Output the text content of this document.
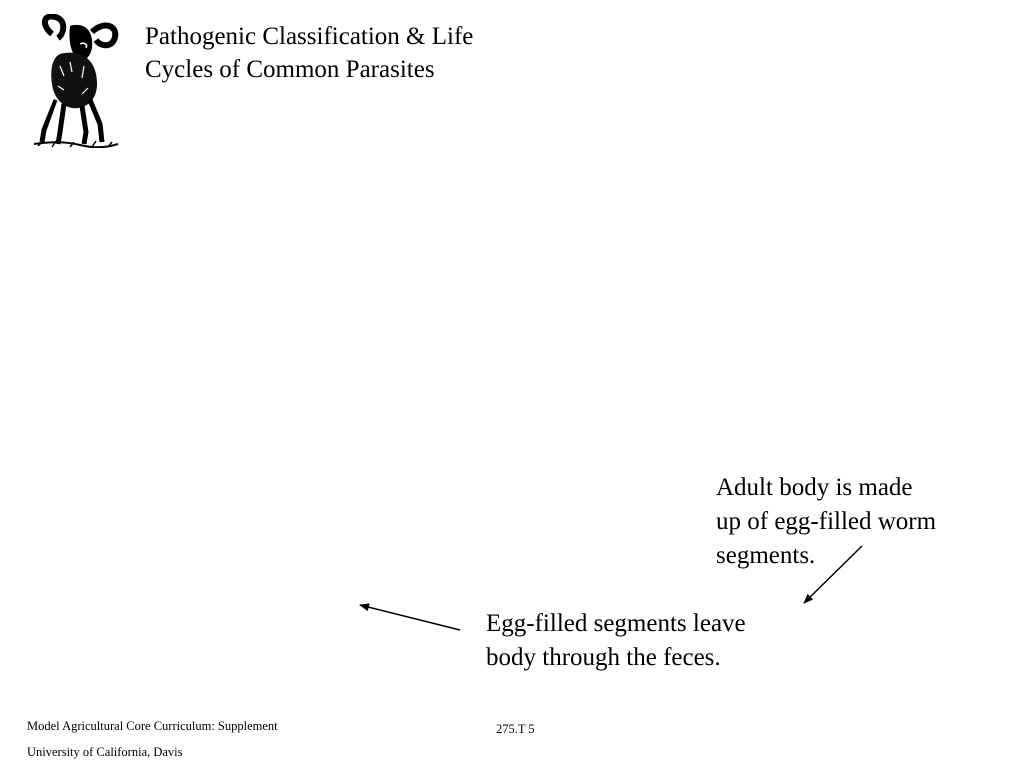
Pathogenic Classification & Life
Cycles of Common Parasites
Adult body is made
up of egg-filled worm
segments.
Egg-filled segments leave
body through the feces.
Model Agricultural Core Curriculum: Supplement
University of California, Davis
275.T 5
